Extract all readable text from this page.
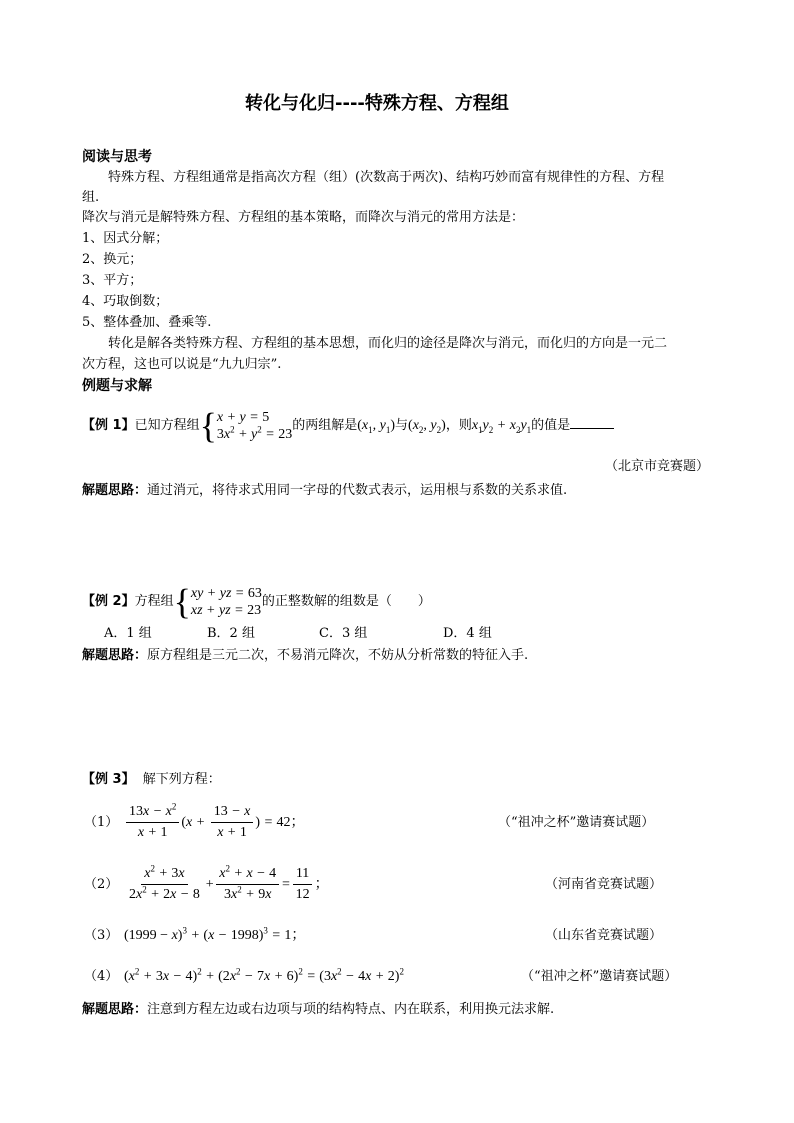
转化与化归----特殊方程、方程组
阅读与思考
特殊方程、方程组通常是指高次方程（组）(次数高于两次)、结构巧妙而富有规律性的方程、方程
组.
降次与消元是解特殊方程、方程组的基本策略，而降次与消元的常用方法是：
1、因式分解；
2、换元；
3、平方；
4、巧取倒数；
5、整体叠加、叠乘等.
转化是解各类特殊方程、方程组的基本思想，而化归的途径是降次与消元，而化归的方向是一元二
次方程，这也可以说是“九九归宗”.
例题与求解
【例 1】已知方程组{ x + y = 5
$3x^2 + y^2 = 23$
的两组解是($x_1$, $y_1$)与($x_2$, $y_2$)，则$x_1y_2 + x_2y_1$的值是
（北京市竞赛题）
解题思路：通过消元，将待求式用同一字母的代数式表示，运用根与系数的关系求值.
【例 2】方程组{ xy + yz = 63
xz + yz = 23
的正整数解的组数是（　　）
A．1 组	B．2 组	C．3 组	D．4 组
解题思路：原方程组是三元二次，不易消元降次，不妨从分析常数的特征入手.
【例 3】 解下列方程：
$(1) \frac{13x - x^2}{x + 1} (x + \frac{13 - x}{x + 1}$ ) = 42；	（“祖冲之杯”邀请赛试题）
$(2) \frac{x^2 + 3x}{2x^2 + 2x - 8} + \frac{x^2 + x - 4}{3x^2 + 9x} = \frac{11}{12}$ ；	（河南省竞赛试题）
（3） $(1999 - x)^3 + (x - 1998)^3 = 1$；	（山东省竞赛试题）
（4） $(x^2 + 3x - 4)^2 + (2x^2 - 7x + 6)^2 = (3x^2 - 4x + 2)^2$	（“祖冲之杯”邀请赛试题）
解题思路：注意到方程左边或右边项与项的结构特点、内在联系，利用换元法求解.
